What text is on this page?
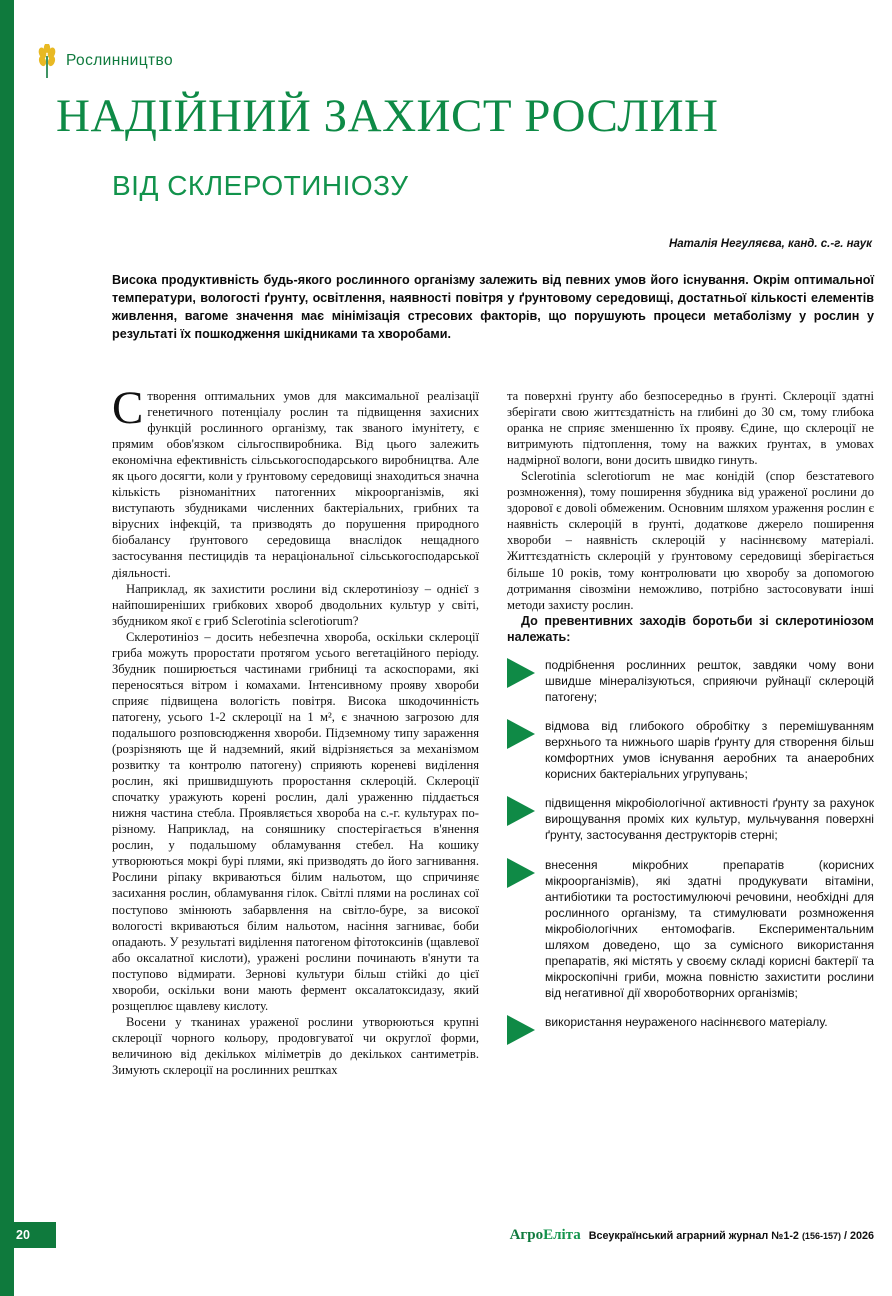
Рослинництво
НАДІЙНИЙ ЗАХИСТ РОСЛИН
ВІД СКЛЕРОТИНІОЗУ
Наталія Негуляєва, канд. с.-г. наук
Висока продуктивність будь-якого рослинного організму залежить від певних умов його існування. Окрім оптимальної температури, вологості ґрунту, освітлення, наявності повітря у ґрунтовому середовищі, достатньої кількості елементів живлення, вагоме значення має мінімізація стресових факторів, що порушують процеси метаболізму у рослин у результаті їх пошкодження шкідниками та хворобами.

С творення оптимальних умов для максимальної реалізації генетичного потенціалу рослин та підвищення захисних функцій рослинного організму, так званого імунітету, є прямим обов'язком сільгоспвиробника. Від цього залежить економічна ефективність сільськогосподарського виробництва. Але як цього досягти, коли у ґрунтовому середовищі знаходиться значна кількість різноманітних патогенних мікроорганізмів, які виступають збудниками численних бактеріальних, грибних та вірусних інфекцій, та призводять до порушення природного біобалансу ґрунтового середовища внаслідок нещадного застосування пестицидів та нераціональної сільськогосподарської діяльності.

Наприклад, як захистити рослини від склеротиніозу – однієї з найпоширеніших грибкових хвороб дводольних культур у світі, збудником якої є гриб Sclerotinia sclerotiorum?

Склеротиніоз – досить небезпечна хвороба, оскільки склероції гриба можуть проростати протягом усього вегетаційного періоду. Збудник поширюється частинами грибниці та аскоспорами, які переносяться вітром і комахами. Інтенсивному прояву хвороби сприяє підвищена вологість повітря. Висока шкодочинність патогену, усього 1-2 склероції на 1 м², є значною загрозою для подальшого розповсюдження хвороби. Підземному типу зараження (розрізняють ще й надземний, який відрізняється за механізмом розвитку та контролю патогену) сприяють кореневі виділення рослин, які пришвидшують проростання склероцій. Склероції спочатку уражують корені рослин, далі ураженню піддається нижня частина стебла. Проявляється хвороба на с.-г. культурах по-різному. Наприклад, на соняшнику спостерігається в'янення рослин, у подальшому обламування стебел. На кошику утворюються мокрі бурі плями, які призводять до його загнивання. Рослини ріпаку вкриваються білим нальотом, що спричиняє засихання рослин, обламування гілок. Світлі плями на рослинах сої поступово змінюють забарвлення на світло-буре, за високої вологості вкриваються білим нальотом, насіння загниває, боби опадають. У результаті виділення патогеном фітотоксинів (щавлевої або оксалатної кислоти), уражені рослини починають в'янути та поступово відмирати. Зернові культури більш стійкі до цієї хвороби, оскільки вони мають фермент оксалатоксидазу, який розщеплює щавлеву кислоту.

Восени у тканинах ураженої рослини утворюються крупні склероції чорного кольору, продовгуватої чи округлої форми, величиною від декількох міліметрів до декількох сантиметрів. Зимують склероції на рослинних рештках

та поверхні ґрунту або безпосередньо в ґрунті. Склероції здатні зберігати свою життєздатність на глибині до 30 см, тому глибока оранка не сприяє зменшенню їх прояву. Єдине, що склероції не витримують підтоплення, тому на важких ґрунтах, в умовах надмірної вологи, вони досить швидко гинуть.

Sclerotinia sclerotiorum не має конідій (спор безстатевого розмноження), тому поширення збудника від ураженої рослини до здорової є довolі обмеженим. Основним шляхом ураження рослин є наявність склероцій в ґрунті, додаткове джерело поширення хвороби – наявність склероцій у насіннєвому матеріалі. Життєздатність склероцій у ґрунтовому середовищі зберігається більше 10 років, тому контролювати цю хворобу за допомогою дотримання сівозміни неможливо, потрібно застосовувати інші методи захисту рослин.

До превентивних заходів боротьби зі склеротиніозом належать:

подрібнення рослинних решток, завдяки чому вони швидше мінералізуються, сприяючи руйнації склероцій патогену;
відмова від глибокого обробітку з перемішуванням верхнього та нижнього шарів ґрунту для створення більш комфортних умов існування аеробних та анаеробних корисних бактеріальних угрупувань;
підвищення мікробіологічної активності ґрунту за рахунок вирощування промix ких культур, мульчування поверхні ґрунту, застосування деструкторів стерні;
внесення мікробних препаратів (корисних мікроорганізмів), які здатні продукувати вітаміни, антибіотики та ростостимулюючі речовини, необхідні для рослинного організму, та стимулювати розмноження мікробіологічних ентомофагів. Експериментальним шляхом доведено, що за сумісного використання препаратів, які містять у своєму складі корисні бактерії та мікроскопічні гриби, можна повністю захистити рослини від негативної дії хвороботворних організмів;
використання неураженого насіннєвого матеріалу.
20	АгроЕліта Всеукраїнський аграрний журнал №1-2 (156-157) / 2026
